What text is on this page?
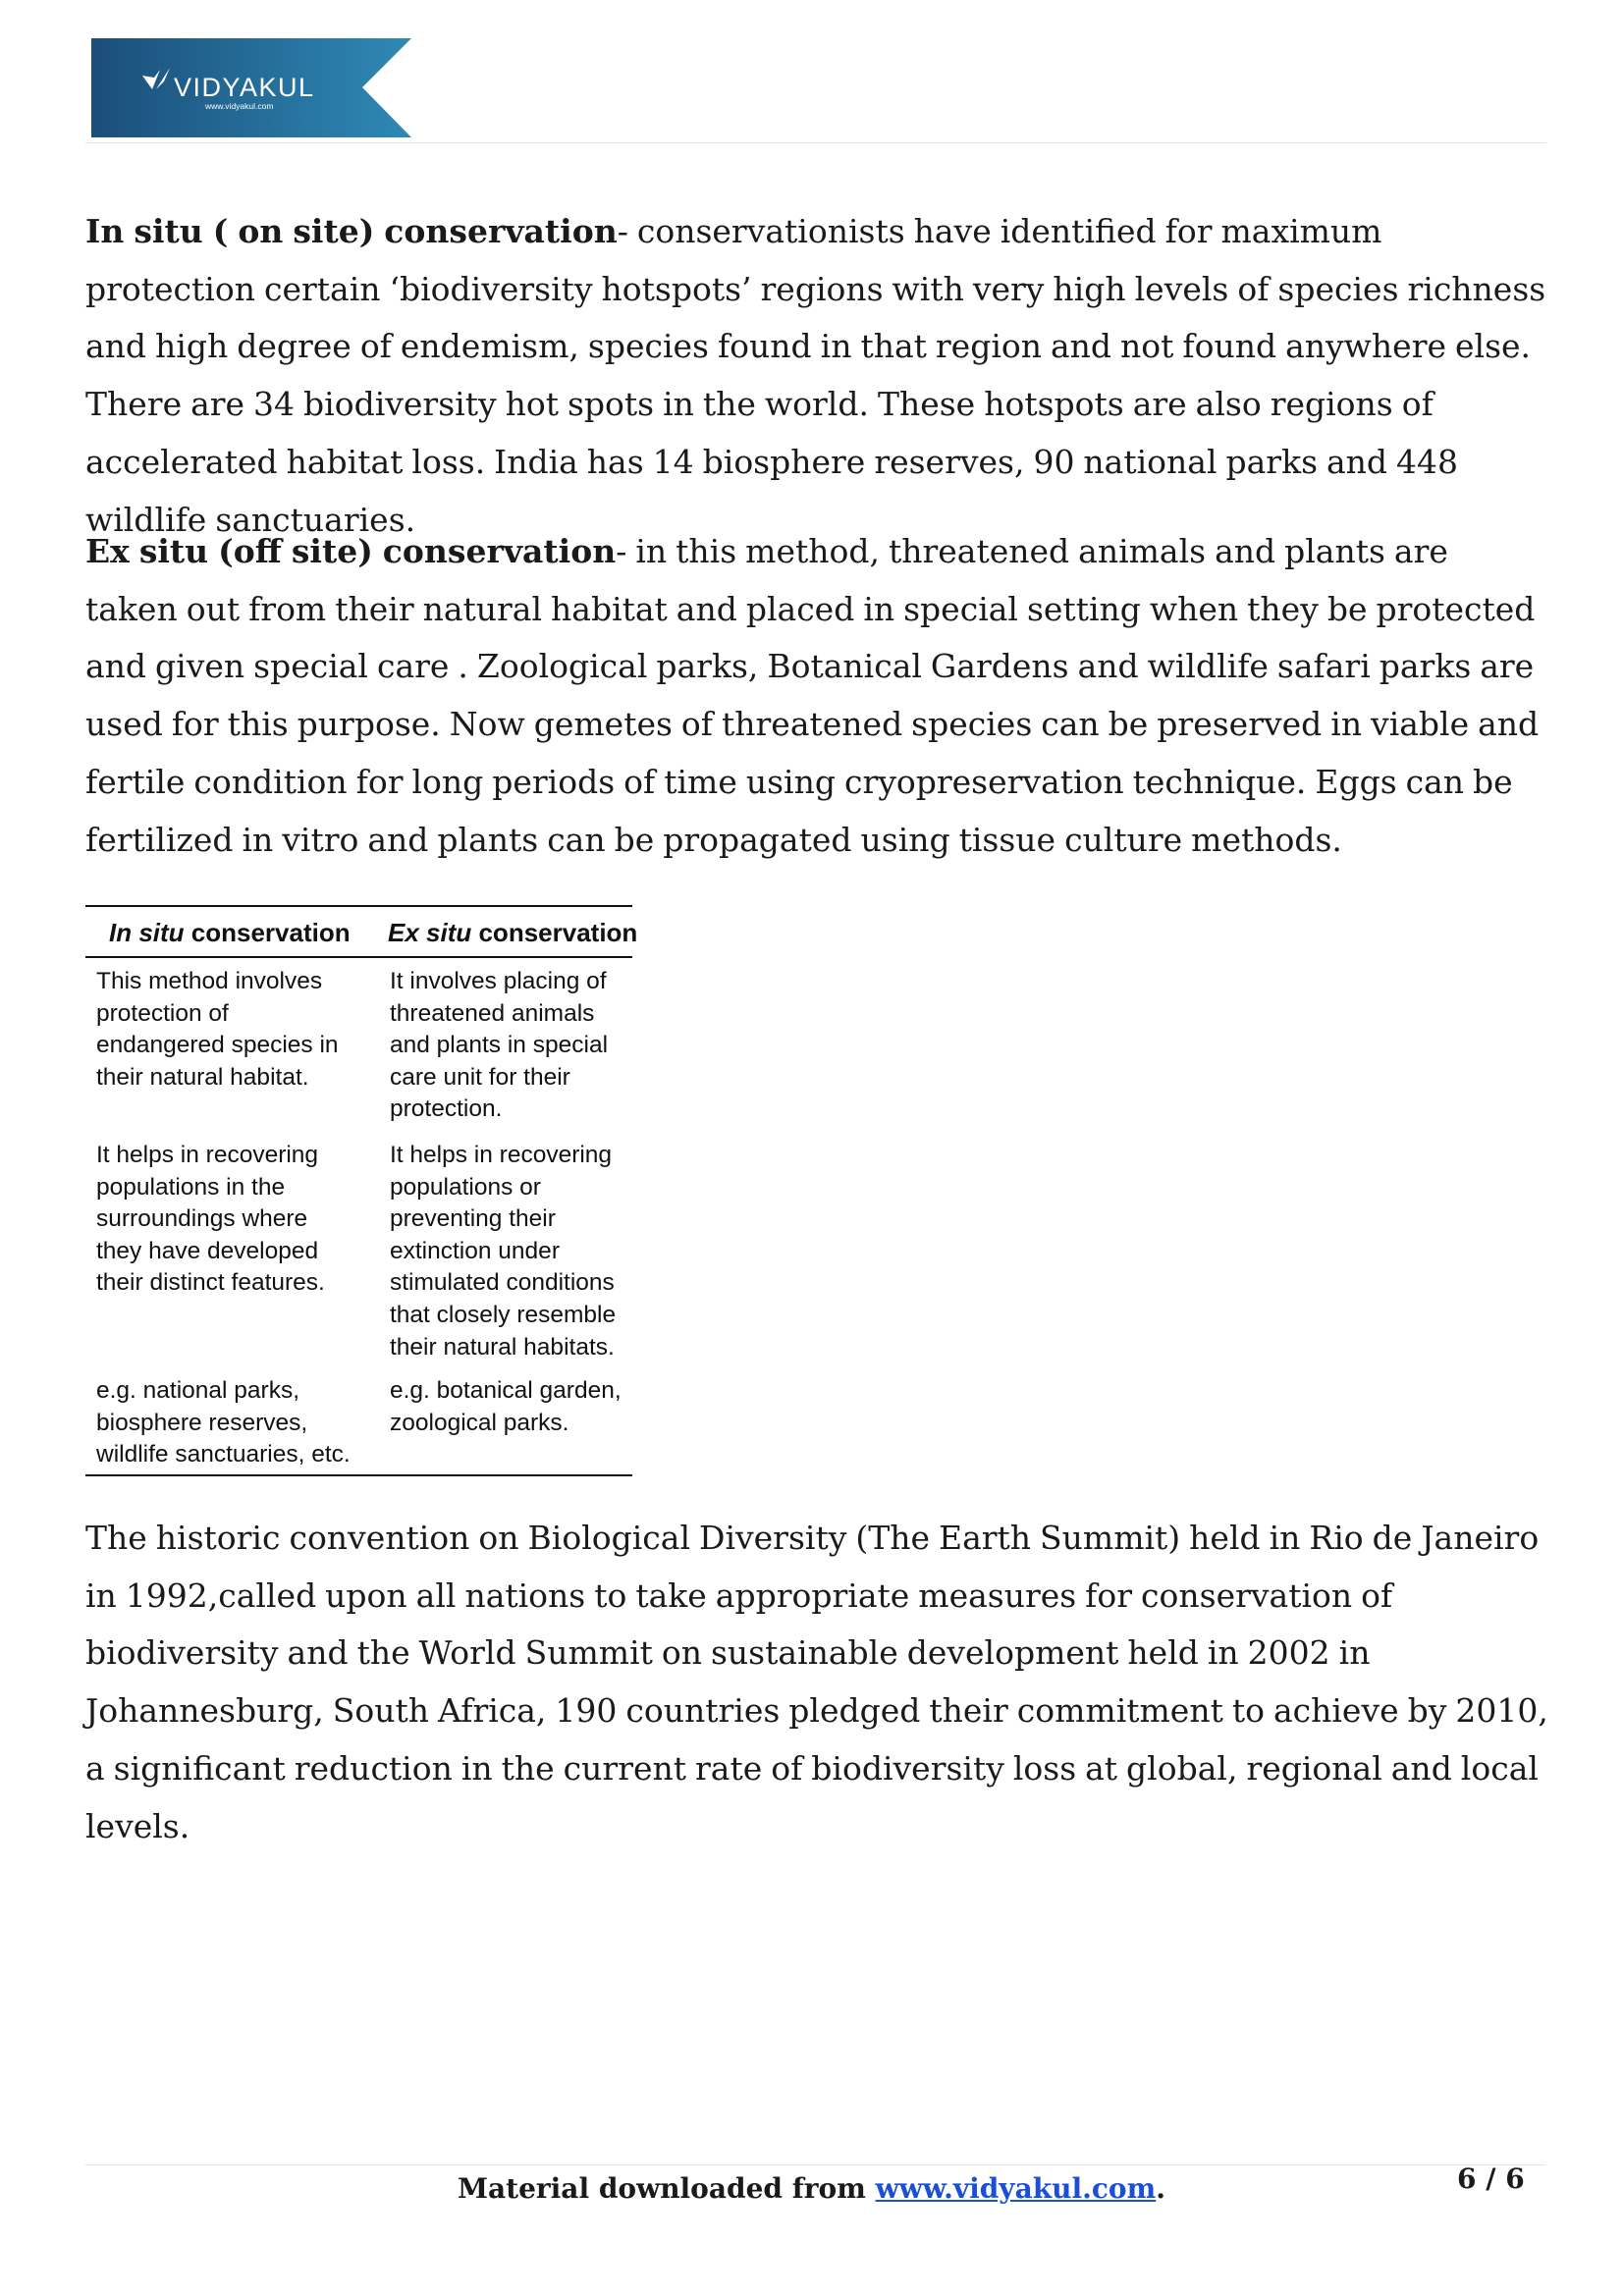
VIDYAKUL
www.vidyakul.com

In situ ( on site) conservation- conservationists have identified for maximum protection certain ‘biodiversity hotspots’ regions with very high levels of species richness and high degree of endemism, species found in that region and not found anywhere else. There are 34 biodiversity hot spots in the world. These hotspots are also regions of accelerated habitat loss. India has 14 biosphere reserves, 90 national parks and 448 wildlife sanctuaries.

Ex situ (off site) conservation- in this method, threatened animals and plants are taken out from their natural habitat and placed in special setting when they be protected and given special care . Zoological parks, Botanical Gardens and wildlife safari parks are used for this purpose. Now gemetes of threatened species can be preserved in viable and fertile condition for long periods of time using cryopreservation technique. Eggs can be fertilized in vitro and plants can be propagated using tissue culture methods.

In situ conservation Ex situ conservation
This method involves
protection of
endangered species in
their natural habitat.
It involves placing of
threatened animals
and plants in special
care unit for their
protection.
It helps in recovering
populations in the
surroundings where
they have developed
their distinct features.
It helps in recovering
populations or
preventing their
extinction under
stimulated conditions
that closely resemble
their natural habitats.
e.g. national parks,
biosphere reserves,
wildlife sanctuaries, etc.
e.g. botanical garden,
zoological parks.

The historic convention on Biological Diversity (The Earth Summit) held in Rio de Janeiro in 1992,called upon all nations to take appropriate measures for conservation of biodiversity and the World Summit on sustainable development held in 2002 in Johannesburg, South Africa, 190 countries pledged their commitment to achieve by 2010, a significant reduction in the current rate of biodiversity loss at global, regional and local levels.

Material downloaded from www.vidyakul.com.	6 / 6
